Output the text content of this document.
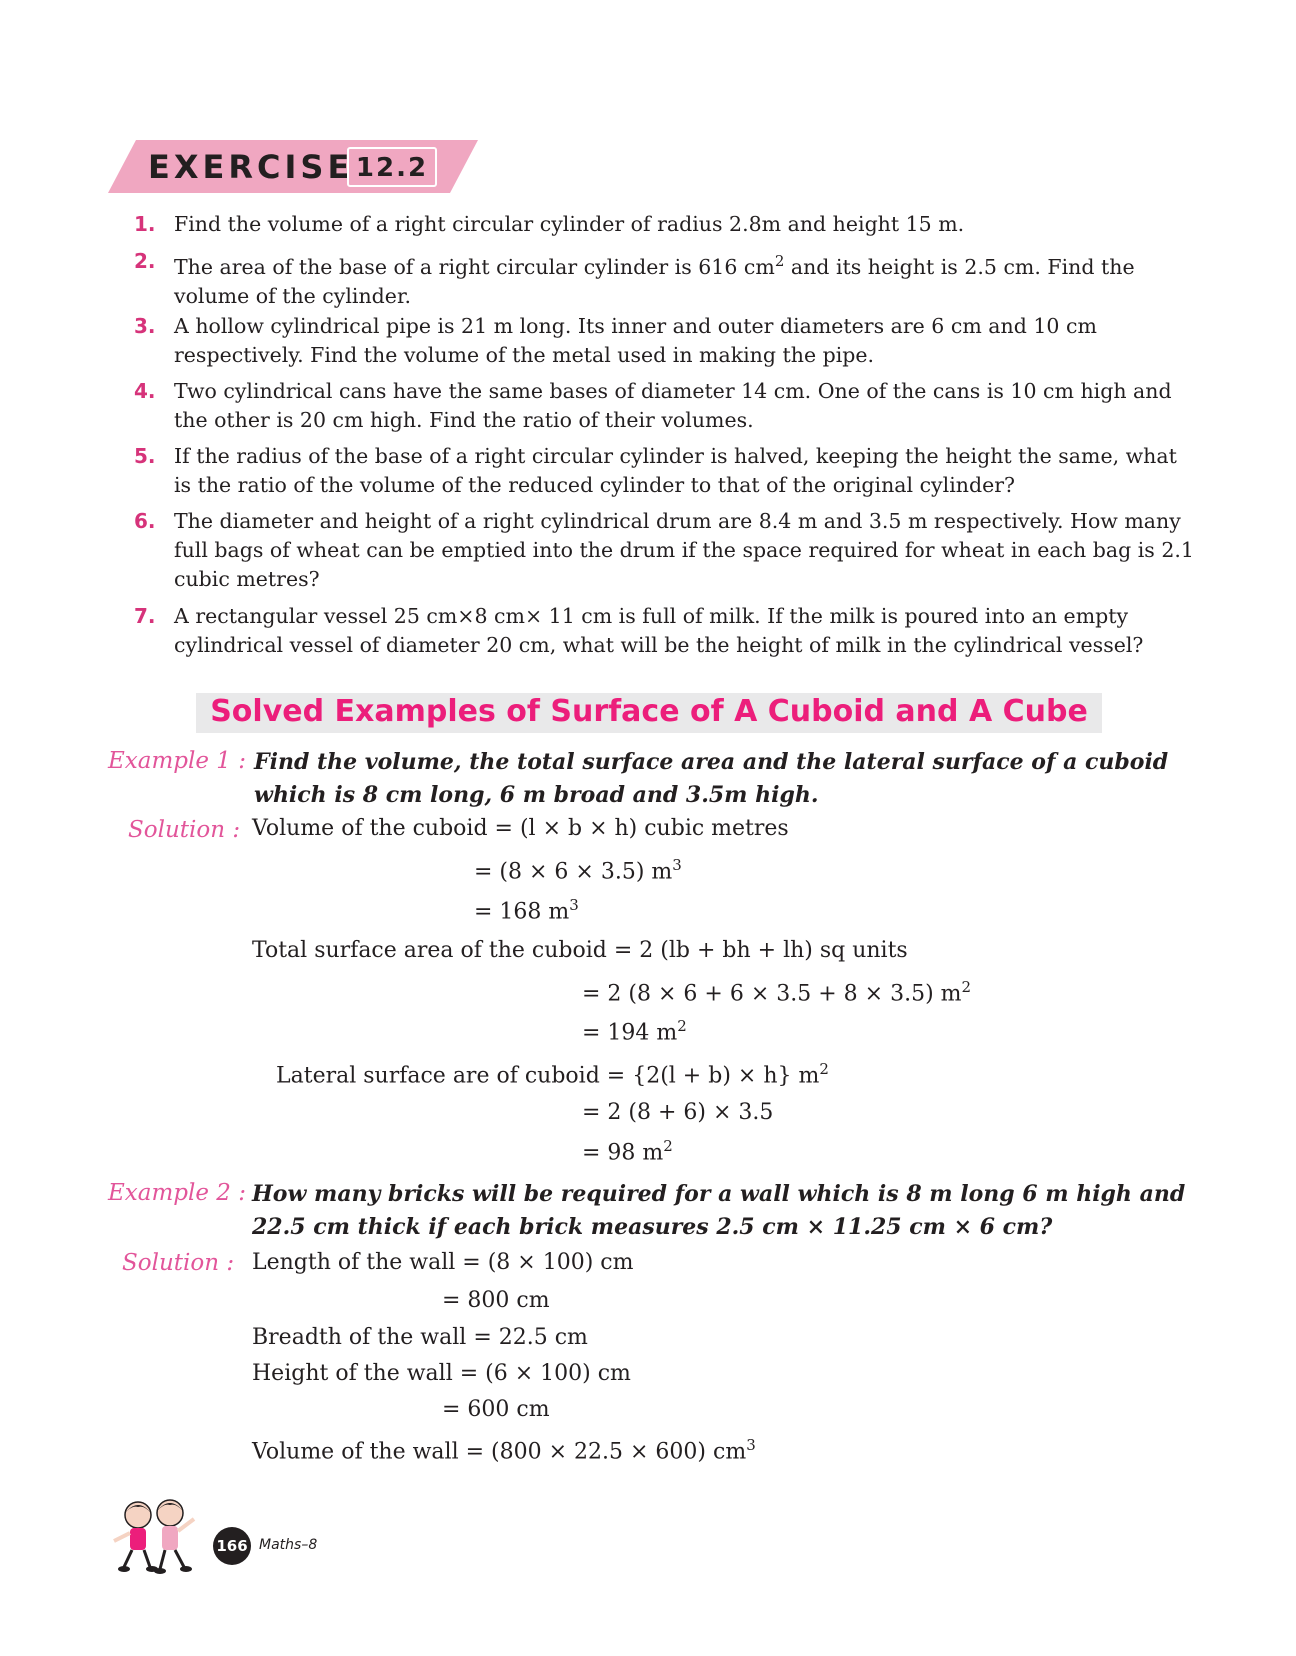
EXERCISE 12.2
1. Find the volume of a right circular cylinder of radius 2.8m and height 15 m.
2. The area of the base of a right circular cylinder is 616 $cm^2$ and its height is 2.5 cm. Find the volume of the cylinder.
3. A hollow cylindrical pipe is 21 m long. Its inner and outer diameters are 6 cm and 10 cm respectively. Find the volume of the metal used in making the pipe.
4. Two cylindrical cans have the same bases of diameter 14 cm. One of the cans is 10 cm high and the other is 20 cm high. Find the ratio of their volumes.
5. If the radius of the base of a right circular cylinder is halved, keeping the height the same, what is the ratio of the volume of the reduced cylinder to that of the original cylinder?
6. The diameter and height of a right cylindrical drum are 8.4 m and 3.5 m respectively. How many full bags of wheat can be emptied into the drum if the space required for wheat in each bag is 2.1 cubic metres?
7. A rectangular vessel 25 cm×8 cm× 11 cm is full of milk. If the milk is poured into an empty cylindrical vessel of diameter 20 cm, what will be the height of milk in the cylindrical vessel?
Solved Examples of Surface of A Cuboid and A Cube
Example 1 : Find the volume, the total surface area and the lateral surface of a cuboid which is 8 cm long, 6 m broad and 3.5m high.
Solution : Volume of the cuboid = (l × b × h) cubic metres
= (8 × 6 × 3.5) $m^3$
= 168 $m^3$
Total surface area of the cuboid = 2 (lb + bh + lh) sq units
= 2 (8 × 6 + 6 × 3.5 + 8 × 3.5) $m^2$
= 194 $m^2$
Lateral surface are of cuboid = {2(l + b) × h} $m^2$
= 2 (8 + 6) × 3.5
= 98 $m^2$
Example 2 : How many bricks will be required for a wall which is 8 m long 6 m high and 22.5 cm thick if each brick measures 2.5 cm × 11.25 cm × 6 cm?
Solution : Length of the wall = (8 × 100) cm
= 800 cm
Breadth of the wall = 22.5 cm
Height of the wall = (6 × 100) cm
= 600 cm
Volume of the wall = (800 × 22.5 × 600) $cm^3$
166 Maths–8
